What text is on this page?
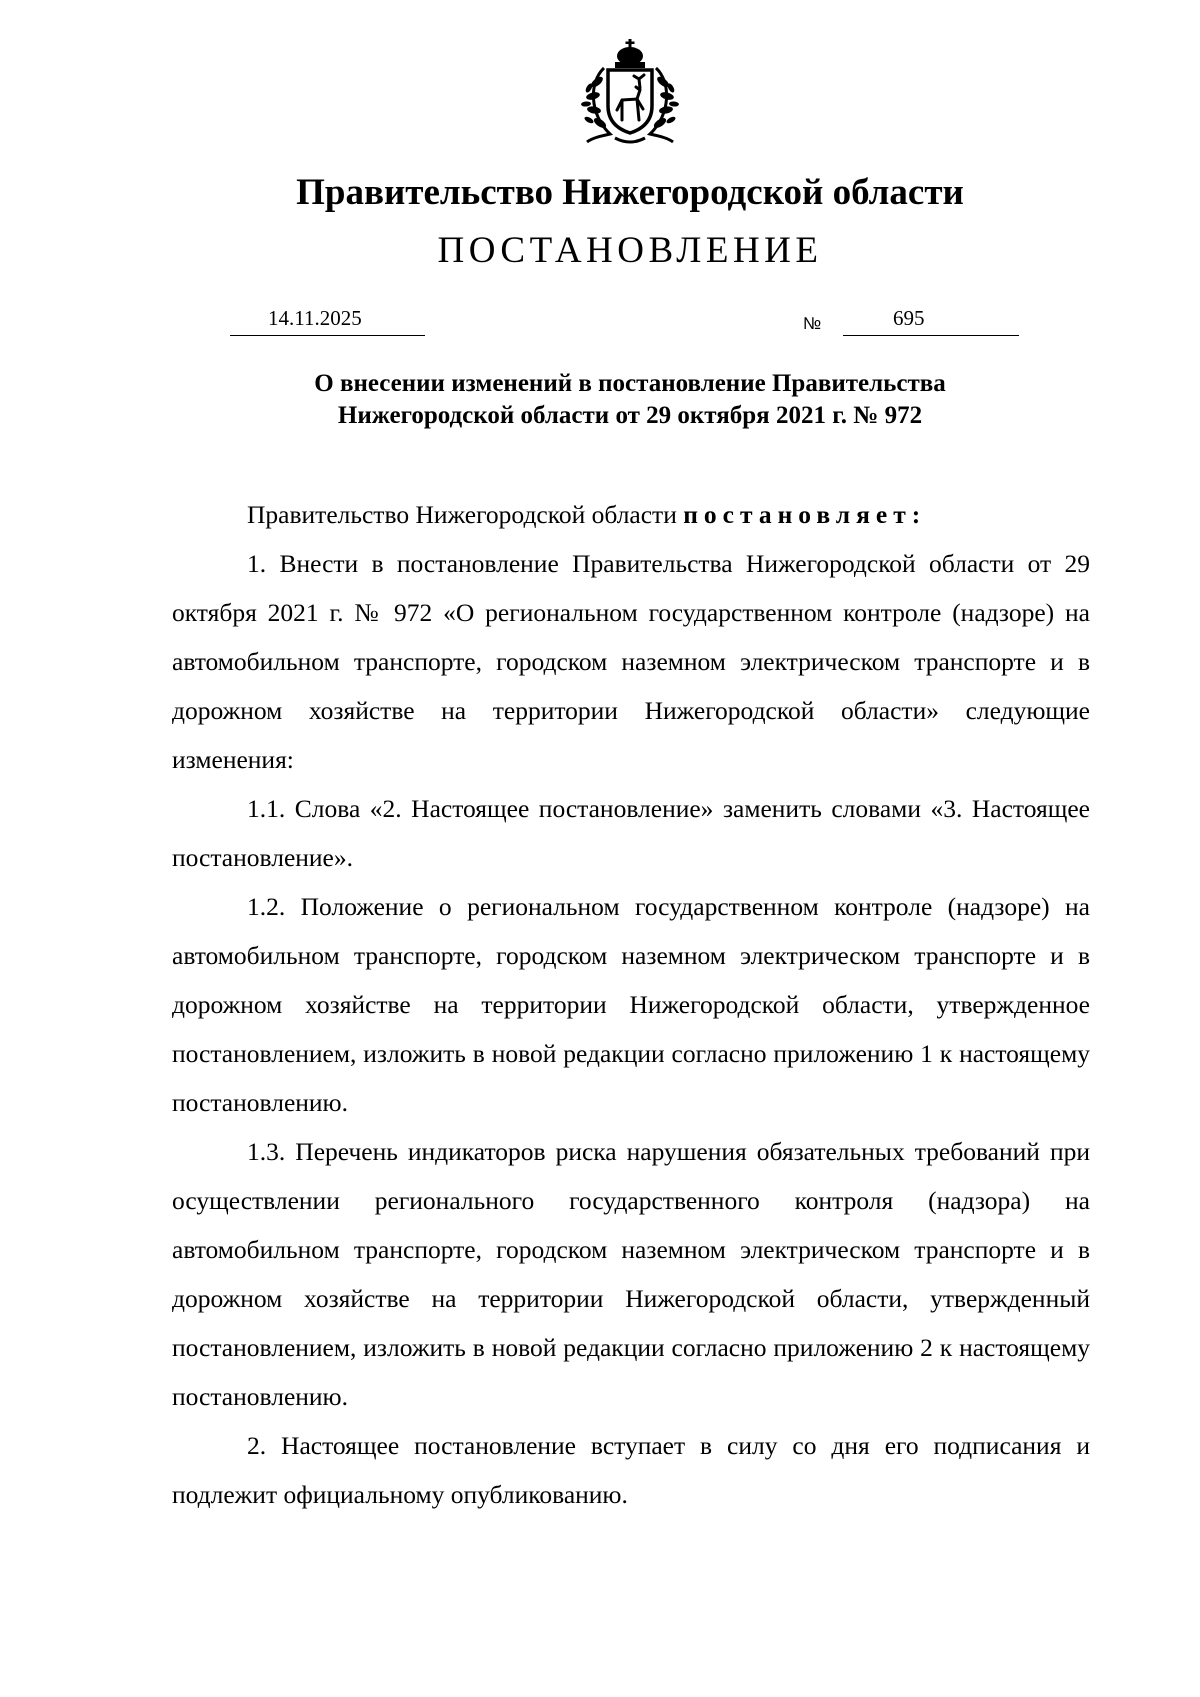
Правительство Нижегородской области
ПОСТАНОВЛЕНИЕ
14.11.2025	№	695
О внесении изменений в постановление Правительства
Нижегородской области от 29 октября 2021 г. № 972

Правительство Нижегородской области постановляет:

1. Внести в постановление Правительства Нижегородской области от 29 октября 2021 г. № 972 «О региональном государственном контроле (надзоре) на автомобильном транспорте, городском наземном электрическом транспорте и в дорожном хозяйстве на территории Нижегородской области» следующие изменения:

1.1. Слова «2. Настоящее постановление» заменить словами «3. Настоящее постановление».

1.2. Положение о региональном государственном контроле (надзоре) на автомобильном транспорте, городском наземном электрическом транспорте и в дорожном хозяйстве на территории Нижегородской области, утвержденное постановлением, изложить в новой редакции согласно приложению 1 к настоящему постановлению.

1.3. Перечень индикаторов риска нарушения обязательных требований при осуществлении регионального государственного контроля (надзора) на автомобильном транспорте, городском наземном электрическом транспорте и в дорожном хозяйстве на территории Нижегородской области, утвержденный постановлением, изложить в новой редакции согласно приложению 2 к настоящему постановлению.

2. Настоящее постановление вступает в силу со дня его подписания и подлежит официальному опубликованию.
